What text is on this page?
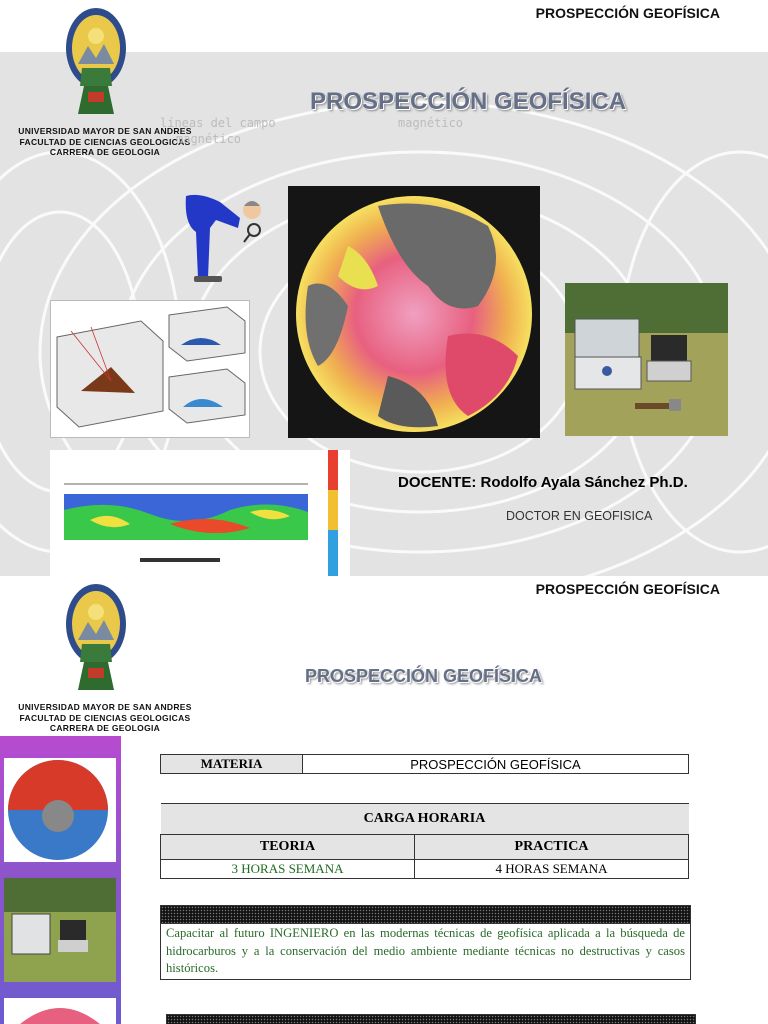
PROSPECCIÓN GEOFÍSICA
UNIVERSIDAD MAYOR DE SAN ANDRES
FACULTAD DE CIENCIAS GEOLOGICAS
CARRERA DE GEOLOGIA
PROSPECCIÓN GEOFÍSICA
líneas del campo	magnético
magnético
DOCENTE: Rodolfo Ayala Sánchez Ph.D.
DOCTOR EN GEOFISICA
PROSPECCIÓN GEOFÍSICA
UNIVERSIDAD MAYOR DE SAN ANDRES
FACULTAD DE CIENCIAS GEOLOGICAS
CARRERA DE GEOLOGIA
PROSPECCIÓN GEOFÍSICA
MATERIA	PROSPECCIÓN GEOFÍSICA
CARGA HORARIA	
TEORIA	PRACTICA
3 HORAS SEMANA	4 HORAS SEMANA
Capacitar al futuro INGENIERO en las modernas técnicas de geofísica aplicada a la búsqueda de hidrocarburos y a la conservación del medio ambiente mediante técnicas no destructivas y casos históricos.
